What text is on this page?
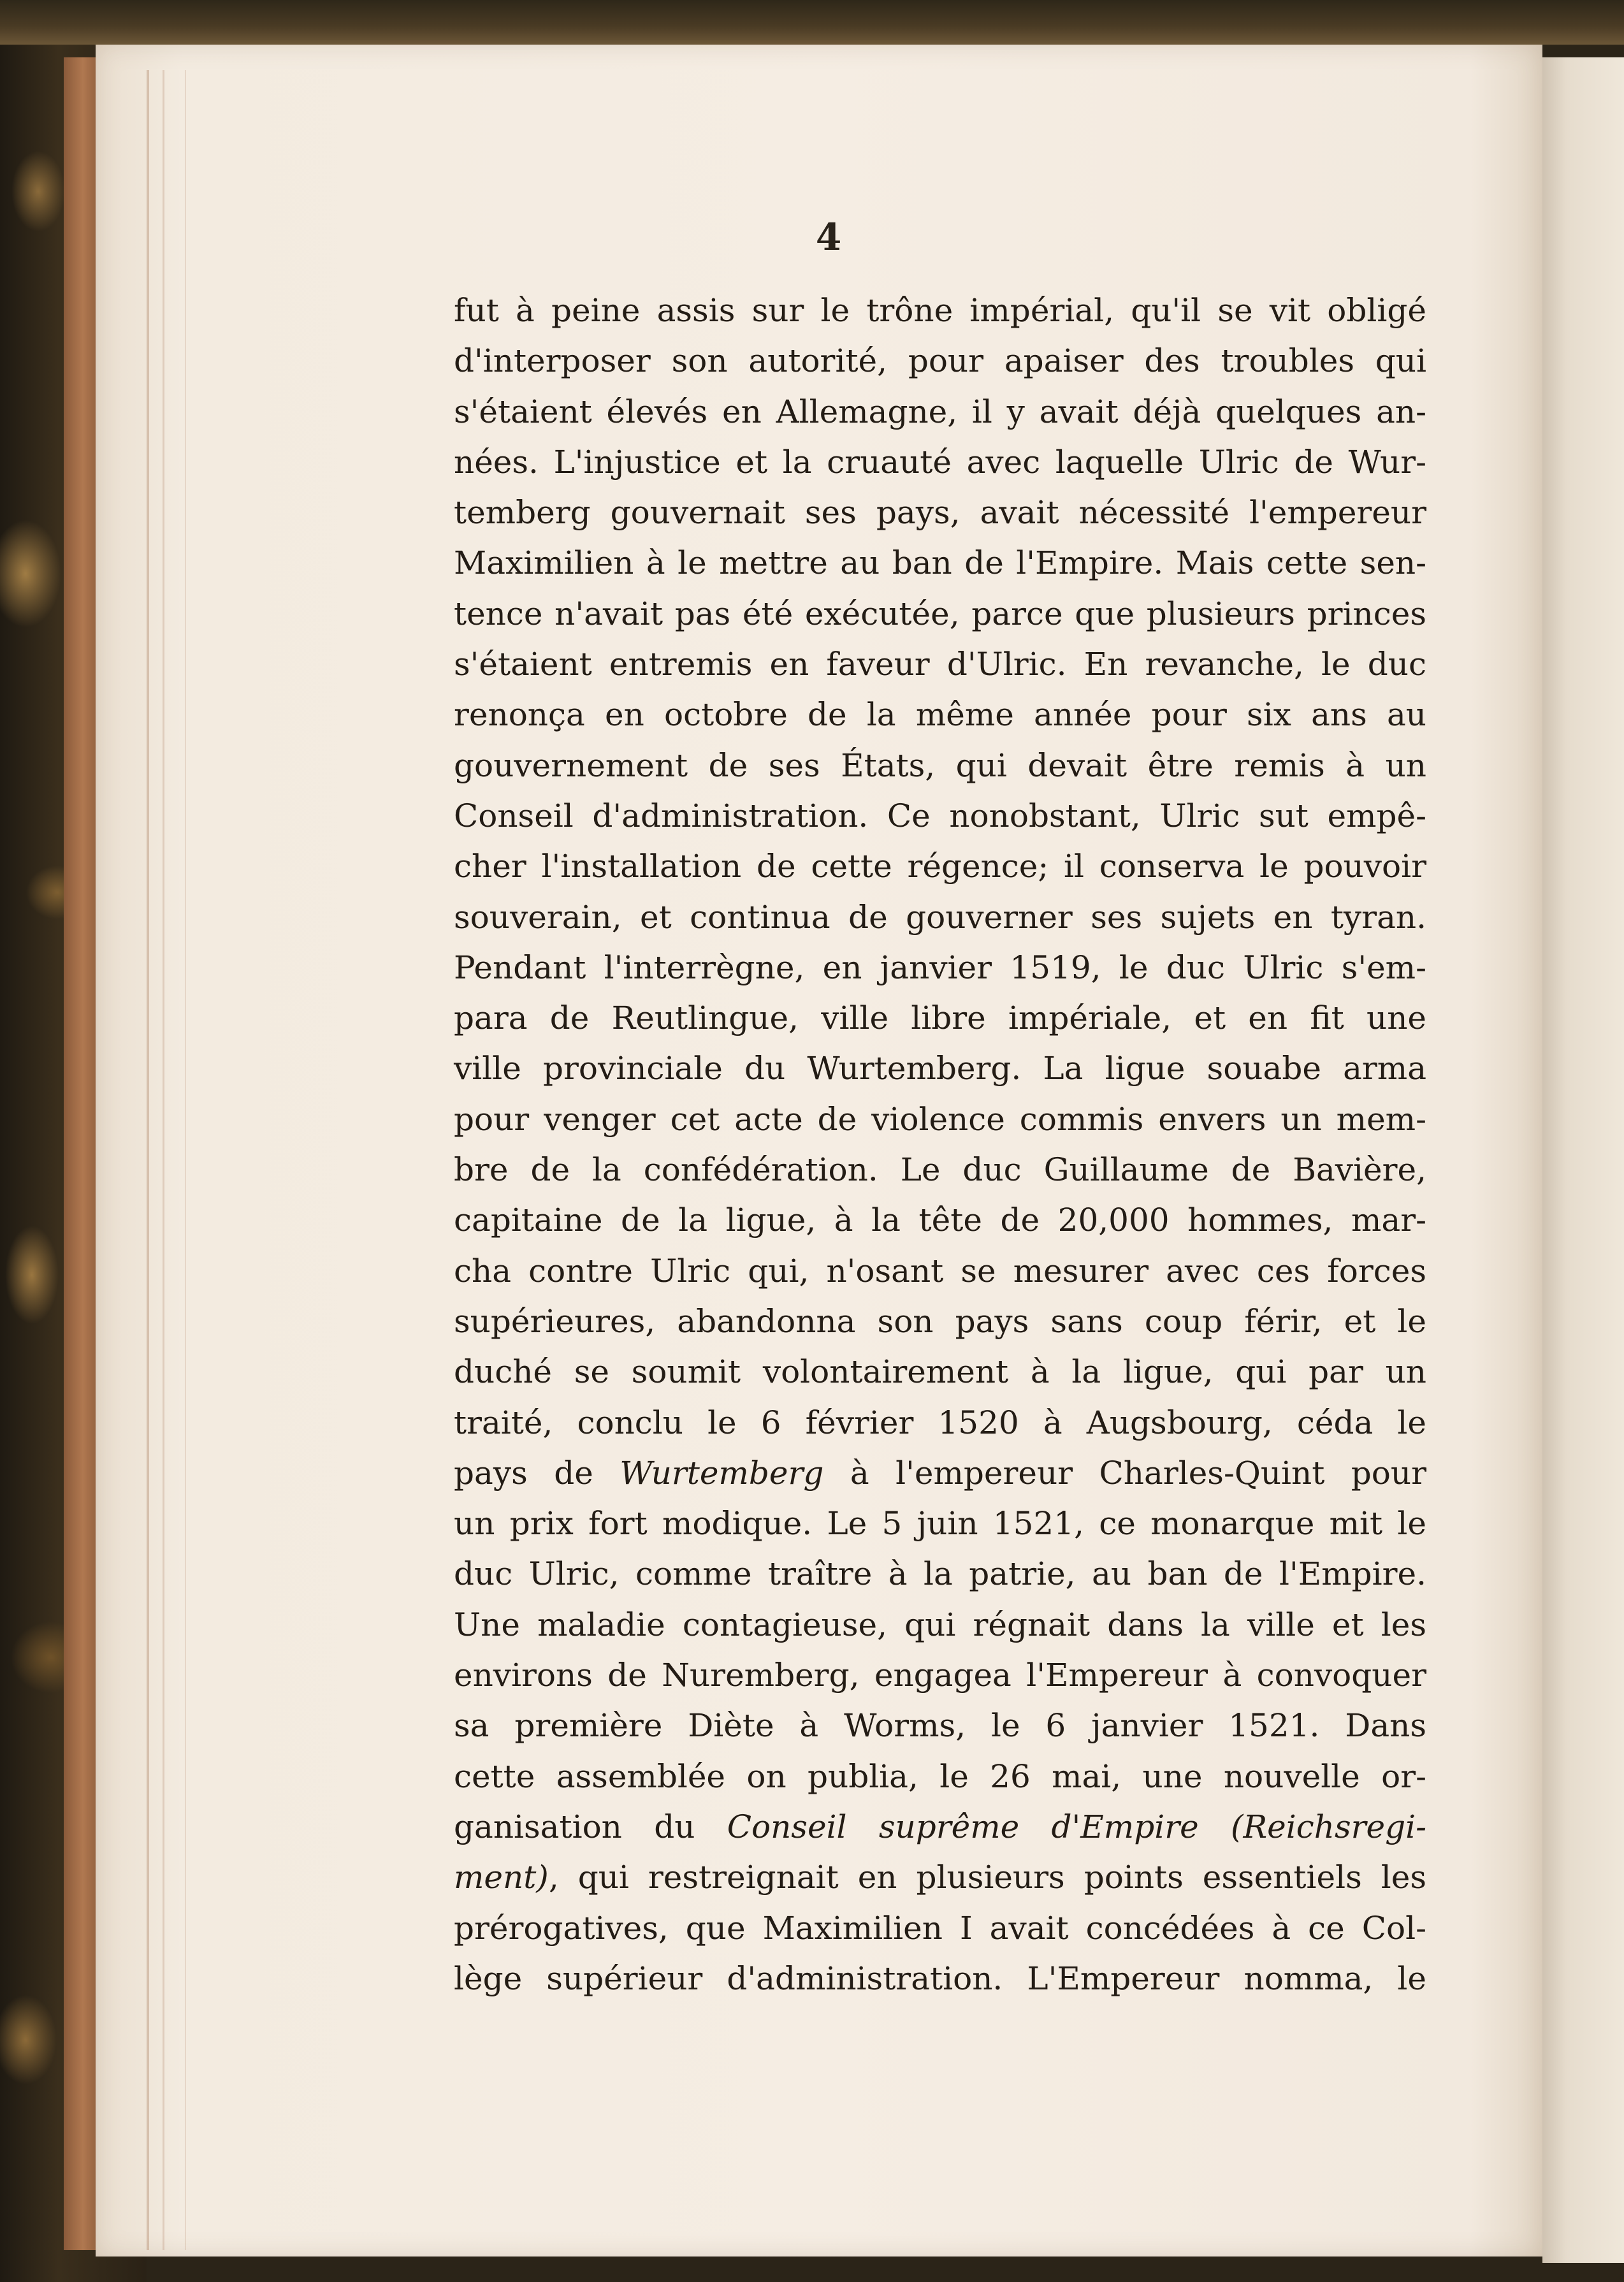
4
fut à peine assis sur le trône impérial, qu'il se vit obligé
d'interposer son autorité, pour apaiser des troubles qui
s'étaient élevés en Allemagne, il y avait déjà quelques an-
nées. L'injustice et la cruauté avec laquelle Ulric de Wur-
temberg gouvernait ses pays, avait nécessité l'empereur
Maximilien à le mettre au ban de l'Empire. Mais cette sen-
tence n'avait pas été exécutée, parce que plusieurs princes
s'étaient entremis en faveur d'Ulric. En revanche, le duc
renonça en octobre de la même année pour six ans au
gouvernement de ses États, qui devait être remis à un
Conseil d'administration. Ce nonobstant, Ulric sut empê-
cher l'installation de cette régence; il conserva le pouvoir
souverain, et continua de gouverner ses sujets en tyran.
Pendant l'interrègne, en janvier 1519, le duc Ulric s'em-
para de Reutlingue, ville libre impériale, et en fit une
ville provinciale du Wurtemberg. La ligue souabe arma
pour venger cet acte de violence commis envers un mem-
bre de la confédération. Le duc Guillaume de Bavière,
capitaine de la ligue, à la tête de 20,000 hommes, mar-
cha contre Ulric qui, n'osant se mesurer avec ces forces
supérieures, abandonna son pays sans coup férir, et le
duché se soumit volontairement à la ligue, qui par un
traité, conclu le 6 février 1520 à Augsbourg, céda le
pays de Wurtemberg à l'empereur Charles-Quint pour
un prix fort modique. Le 5 juin 1521, ce monarque mit le
duc Ulric, comme traître à la patrie, au ban de l'Empire.
Une maladie contagieuse, qui régnait dans la ville et les
environs de Nuremberg, engagea l'Empereur à convoquer
sa première Diète à Worms, le 6 janvier 1521. Dans
cette assemblée on publia, le 26 mai, une nouvelle or-
ganisation du Conseil suprême d'Empire (Reichsregi-
ment), qui restreignait en plusieurs points essentiels les
prérogatives, que Maximilien I avait concédées à ce Col-
lège supérieur d'administration. L'Empereur nomma, le
